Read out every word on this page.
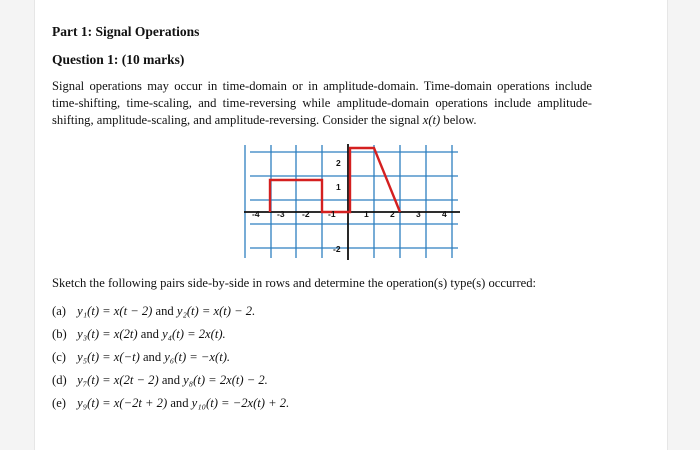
Part 1: Signal Operations
Question 1: (10 marks)
Signal operations may occur in time-domain or in amplitude-domain. Time-domain operations include time-shifting, time-scaling, and time-reversing while amplitude-domain operations include amplitude-shifting, amplitude-scaling, and amplitude-reversing. Consider the signal x(t) below.
-4 -3 -2 -1	1	2	3	4
2
1
-2
Sketch the following pairs side-by-side in rows and determine the operation(s) type(s) occurred:
(a) y₁(t) = x(t − 2) and y₂(t) = x(t) − 2.
(b) y₃(t) = x(2t) and y₄(t) = 2x(t).
(c) y₅(t) = x(−t) and y₆(t) = −x(t).
(d) y₇(t) = x(2t − 2) and y₈(t) = 2x(t) − 2.
(e) y₉(t) = x(−2t + 2) and y₁₀(t) = −2x(t) + 2.
